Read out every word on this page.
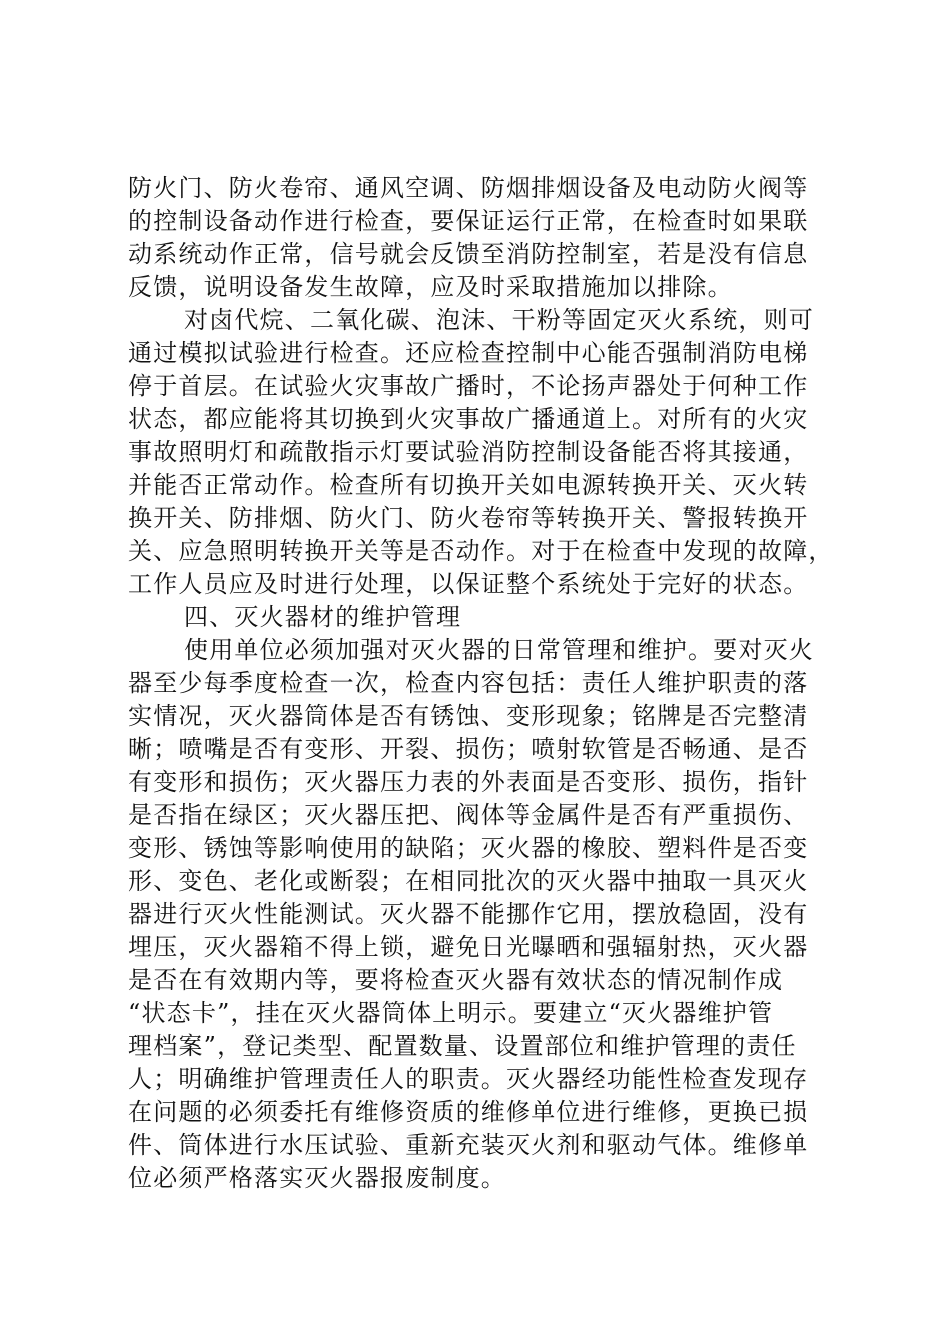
防火门、防火卷帘、通风空调、防烟排烟设备及电动防火阀等
的控制设备动作进行检查，要保证运行正常，在检查时如果联
动系统动作正常，信号就会反馈至消防控制室，若是没有信息
反馈，说明设备发生故障，应及时采取措施加以排除。
对卤代烷、二氧化碳、泡沫、干粉等固定灭火系统，则可
通过模拟试验进行检查。还应检查控制中心能否强制消防电梯
停于首层。在试验火灾事故广播时，不论扬声器处于何种工作
状态，都应能将其切换到火灾事故广播通道上。对所有的火灾
事故照明灯和疏散指示灯要试验消防控制设备能否将其接通，
并能否正常动作。检查所有切换开关如电源转换开关、灭火转
换开关、防排烟、防火门、防火卷帘等转换开关、警报转换开
关、应急照明转换开关等是否动作。对于在检查中发现的故障，
工作人员应及时进行处理，以保证整个系统处于完好的状态。
四、灭火器材的维护管理
使用单位必须加强对灭火器的日常管理和维护。要对灭火
器至少每季度检查一次，检查内容包括：责任人维护职责的落
实情况，灭火器筒体是否有锈蚀、变形现象；铭牌是否完整清
晰；喷嘴是否有变形、开裂、损伤；喷射软管是否畅通、是否
有变形和损伤；灭火器压力表的外表面是否变形、损伤，指针
是否指在绿区；灭火器压把、阀体等金属件是否有严重损伤、
变形、锈蚀等影响使用的缺陷；灭火器的橡胶、塑料件是否变
形、变色、老化或断裂；在相同批次的灭火器中抽取一具灭火
器进行灭火性能测试。灭火器不能挪作它用，摆放稳固，没有
埋压，灭火器箱不得上锁，避免日光曝晒和强辐射热，灭火器
是否在有效期内等，要将检查灭火器有效状态的情况制作成
“状态卡”，挂在灭火器筒体上明示。要建立“灭火器维护管
理档案”，登记类型、配置数量、设置部位和维护管理的责任
人；明确维护管理责任人的职责。灭火器经功能性检查发现存
在问题的必须委托有维修资质的维修单位进行维修，更换已损
件、筒体进行水压试验、重新充装灭火剂和驱动气体。维修单
位必须严格落实灭火器报废制度。
